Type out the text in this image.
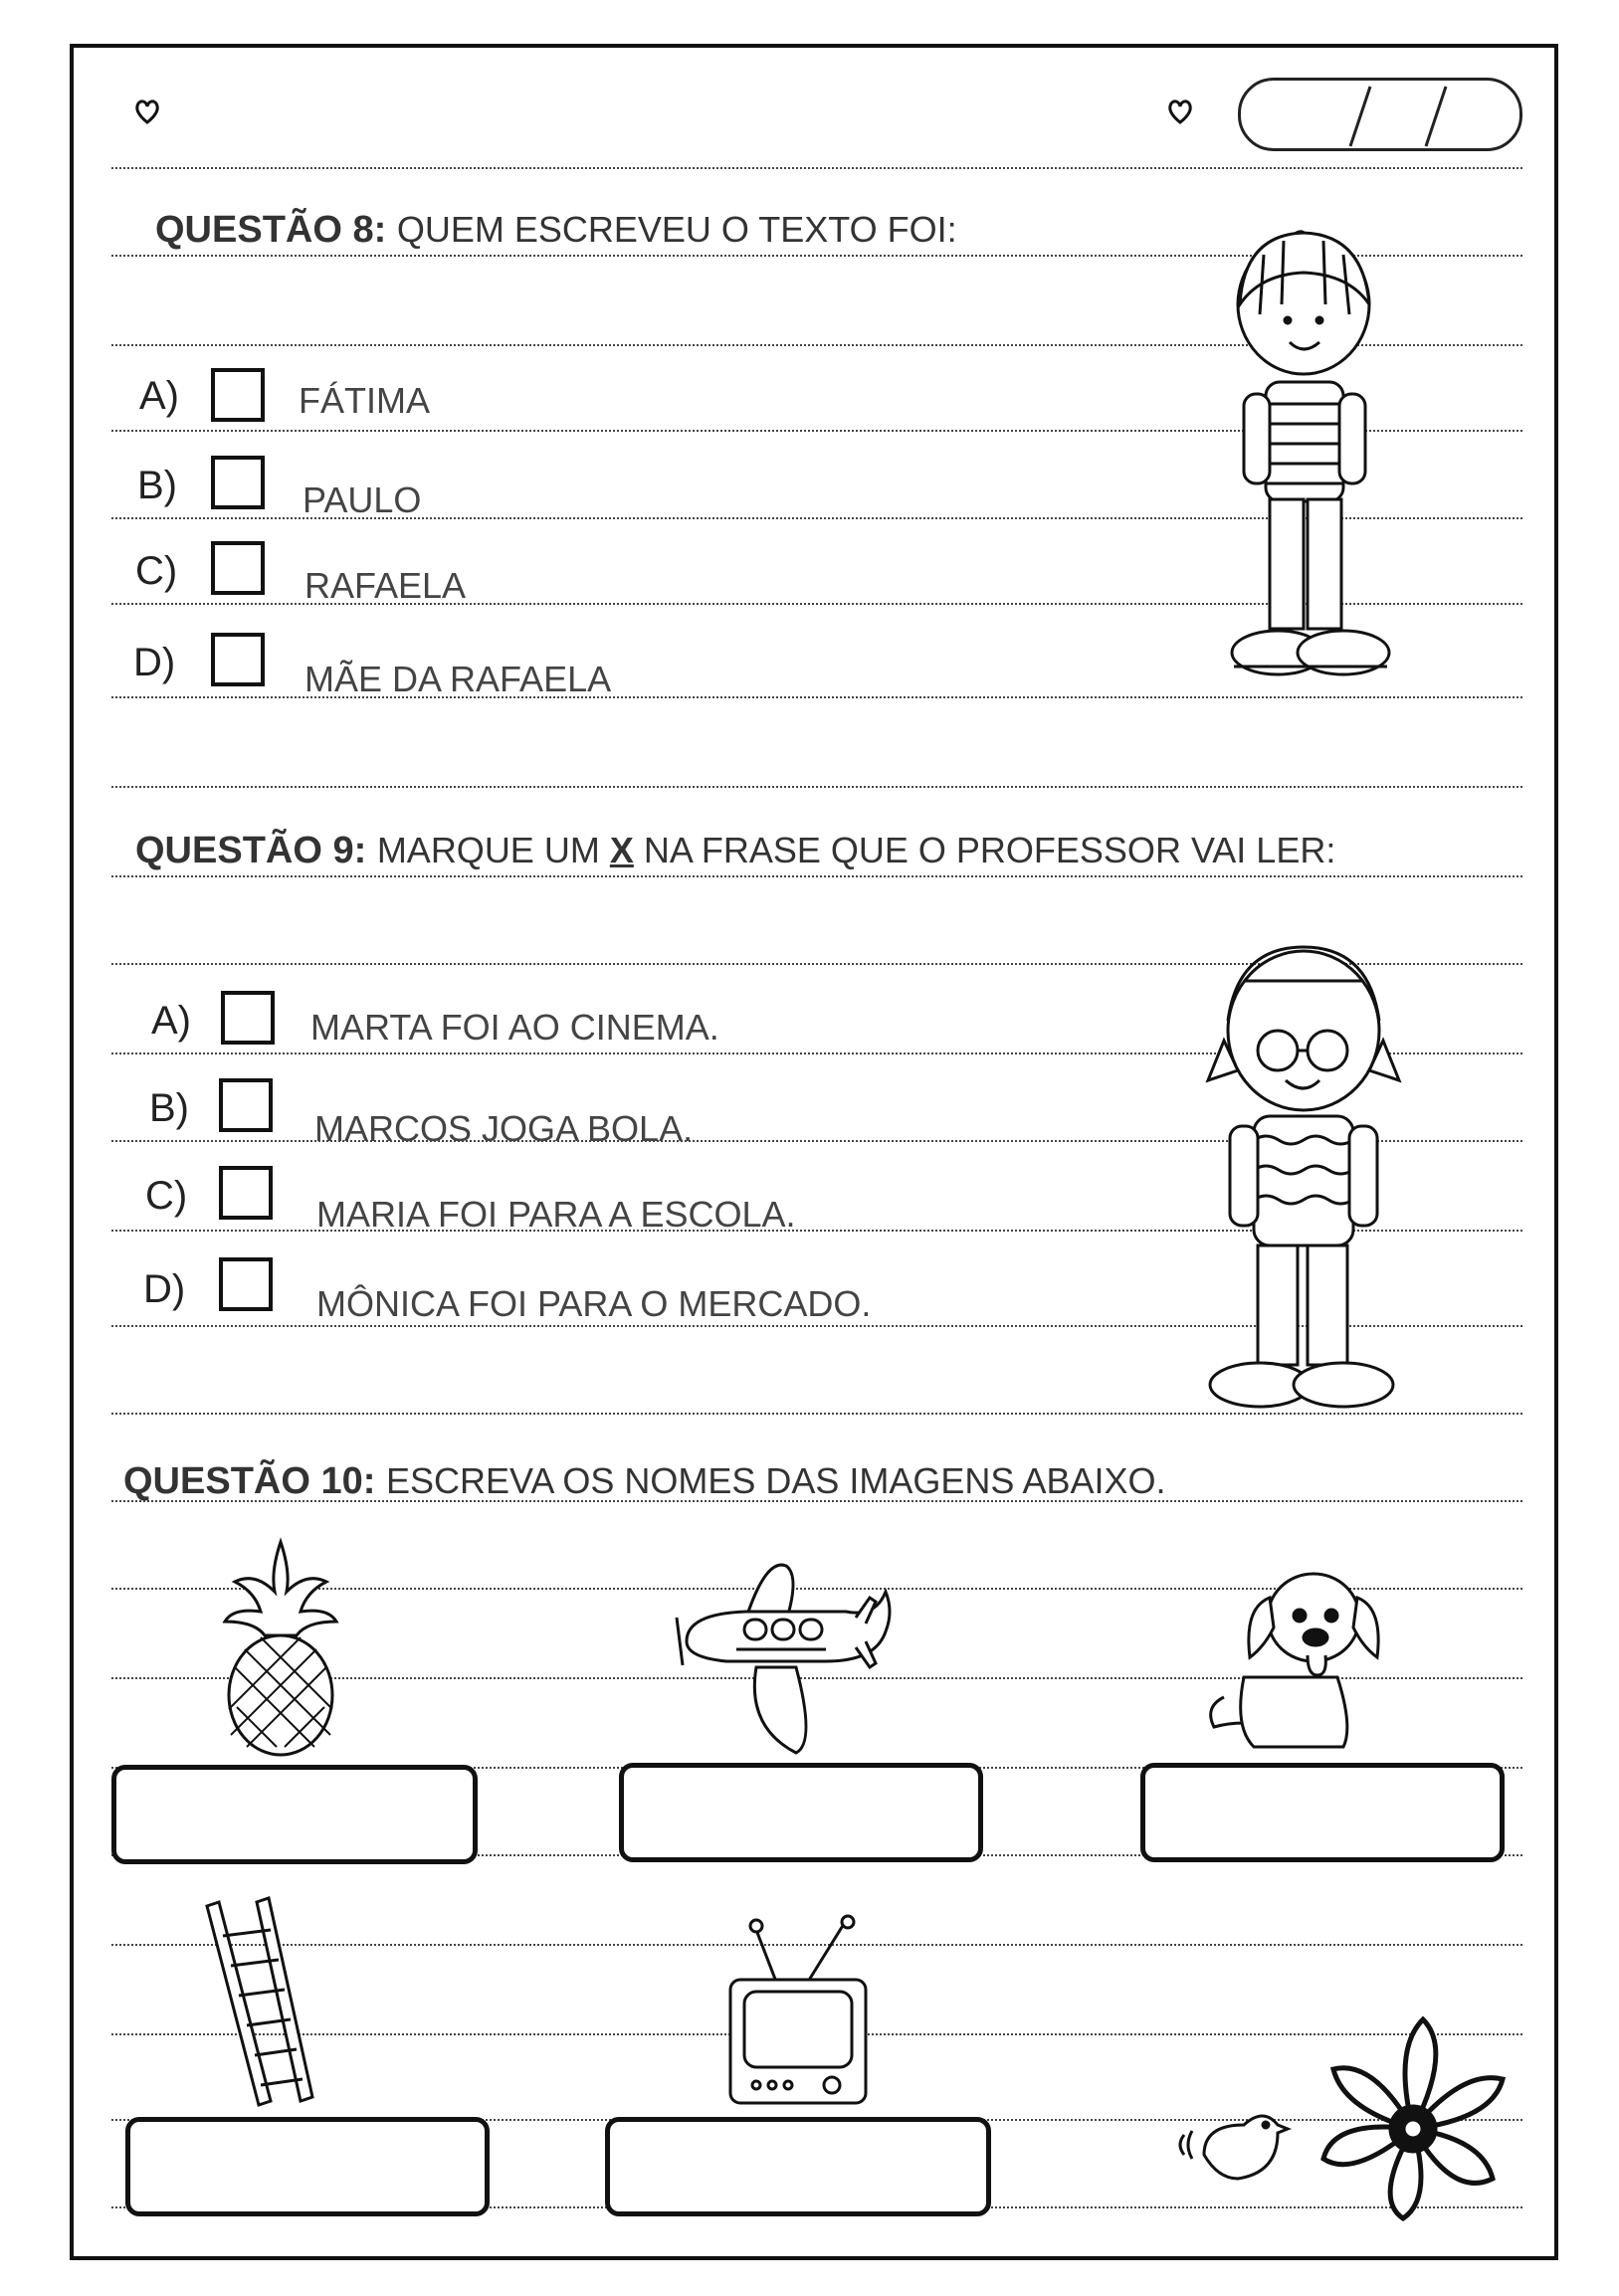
QUESTÃO 8: QUEM ESCREVEU O TEXTO FOI:
A)	FÁTIMA
B)	PAULO
C)	RAFAELA
D)	MÃE DA RAFAELA
QUESTÃO 9: MARQUE UM X NA FRASE QUE O PROFESSOR VAI LER:
A)	MARTA FOI AO CINEMA.
B)	MARCOS JOGA BOLA.
C)	MARIA FOI PARA A ESCOLA.
D)	MÔNICA FOI PARA O MERCADO.
QUESTÃO 10: ESCREVA OS NOMES DAS IMAGENS ABAIXO.
